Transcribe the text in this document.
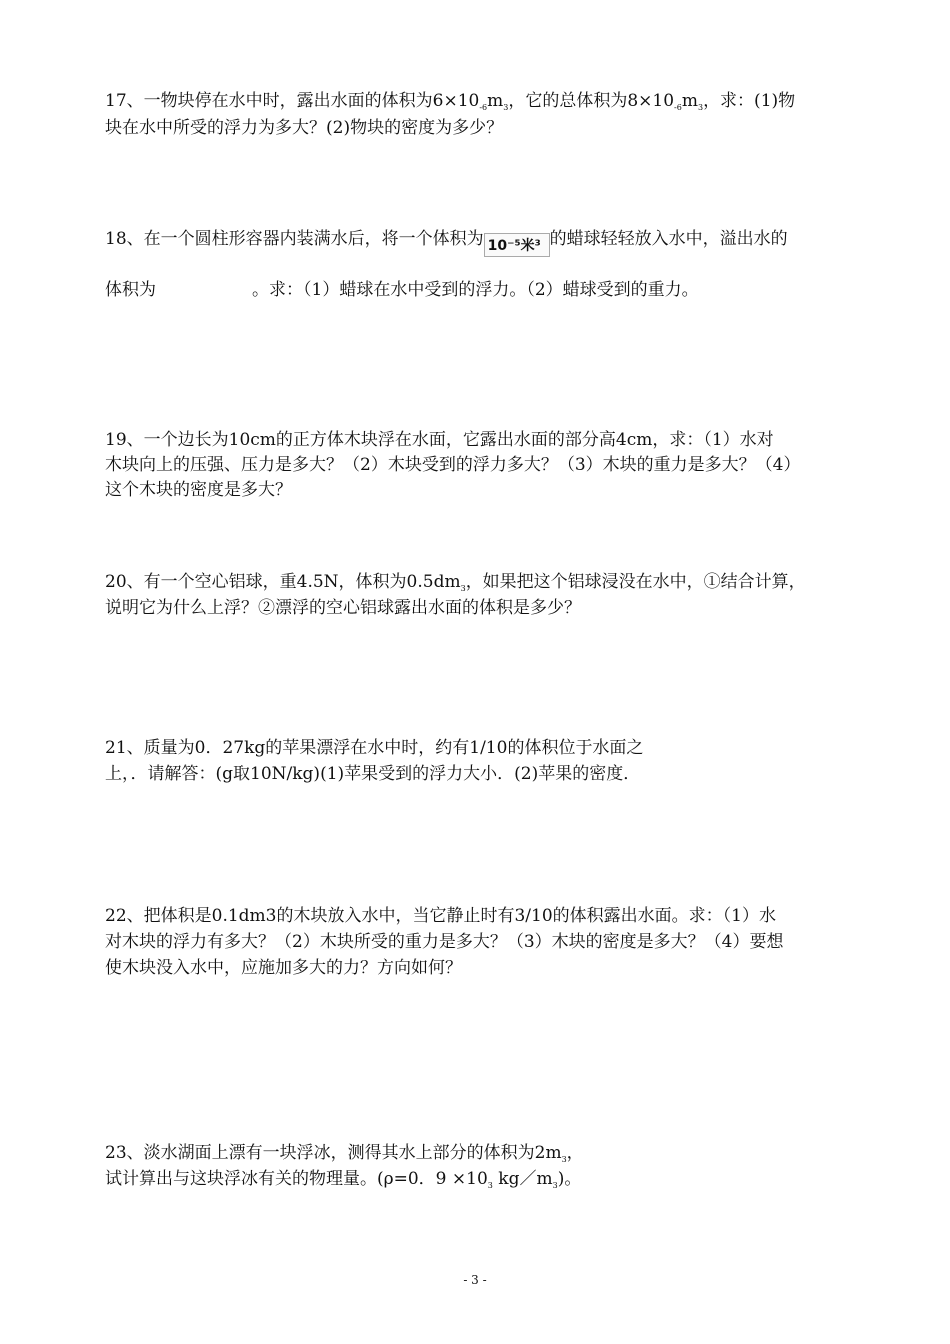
17、一物块停在水中时，露出水面的体积为$6\times 10_{-6}m_3$，它的总体积为$8\times 10_{-6}m_3$，求：(1)物
块在水中所受的浮力为多大？(2)物块的密度为多少？
18、在一个圆柱形容器内装满水后，将一个体积为 10⁻⁵米³ 的蜡球轻轻放入水中，溢出水的
体积为	。求：（1）蜡球在水中受到的浮力。（2）蜡球受到的重力。
19、一个边长为10cm的正方体木块浮在水面，它露出水面的部分高4cm，求：（1）水对
木块向上的压强、压力是多大？（2）木块受到的浮力多大？（3）木块的重力是多大？（4）
这个木块的密度是多大？
20、有一个空心铝球，重4.5N，体积为$0.5dm_3$，如果把这个铝球浸没在水中，①结合计算，
说明它为什么上浮？②漂浮的空心铝球露出水面的体积是多少？
21、质量为0．27kg的苹果漂浮在水中时，约有1/10的体积位于水面之
上，．请解答：(g取10N/kg)(1)苹果受到的浮力大小．(2)苹果的密度．
22、把体积是0.1dm3的木块放入水中，当它静止时有3/10的体积露出水面。求：（1）水
对木块的浮力有多大？（2）木块所受的重力是多大？（3）木块的密度是多大？（4）要想
使木块没入水中，应施加多大的力？方向如何？
23、淡水湖面上漂有一块浮冰，测得其水上部分的体积为$2m_3$，
试计算出与这块浮冰有关的物理量。(ρ=0．$9 \times 10_3$ $kg/m_3$)。
- 3 -
